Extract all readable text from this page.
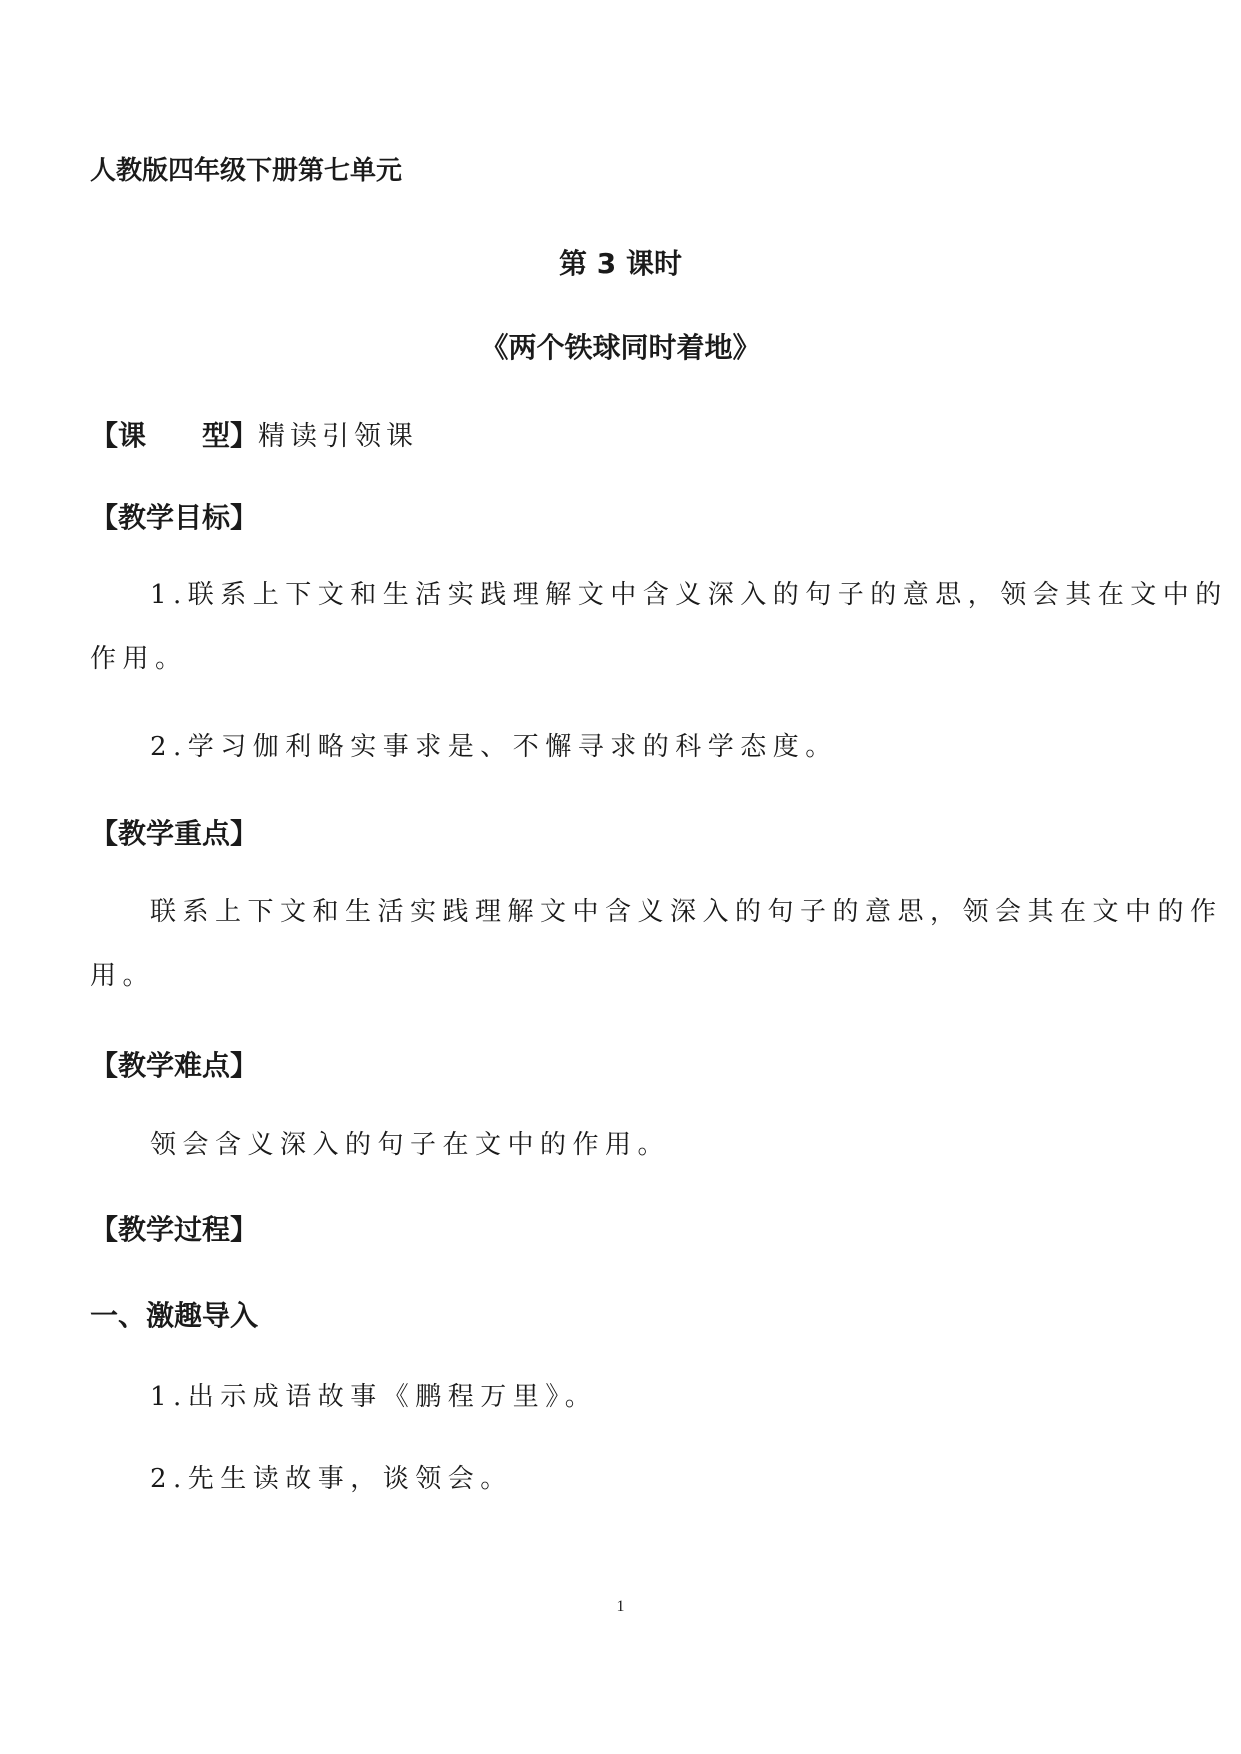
人教版四年级下册第七单元
第 3 课时
《两个铁球同时着地》
【课 型】精读引领课
【教学目标】
1.联系上下文和生活实践理解文中含义深入的句子的意思，领会其在文中的
作用。
2.学习伽利略实事求是、不懈寻求的科学态度。
【教学重点】
联系上下文和生活实践理解文中含义深入的句子的意思，领会其在文中的作
用。
【教学难点】
领会含义深入的句子在文中的作用。
【教学过程】
一、激趣导入
1.出示成语故事《鹏程万里》。
2.先生读故事，谈领会。
1
